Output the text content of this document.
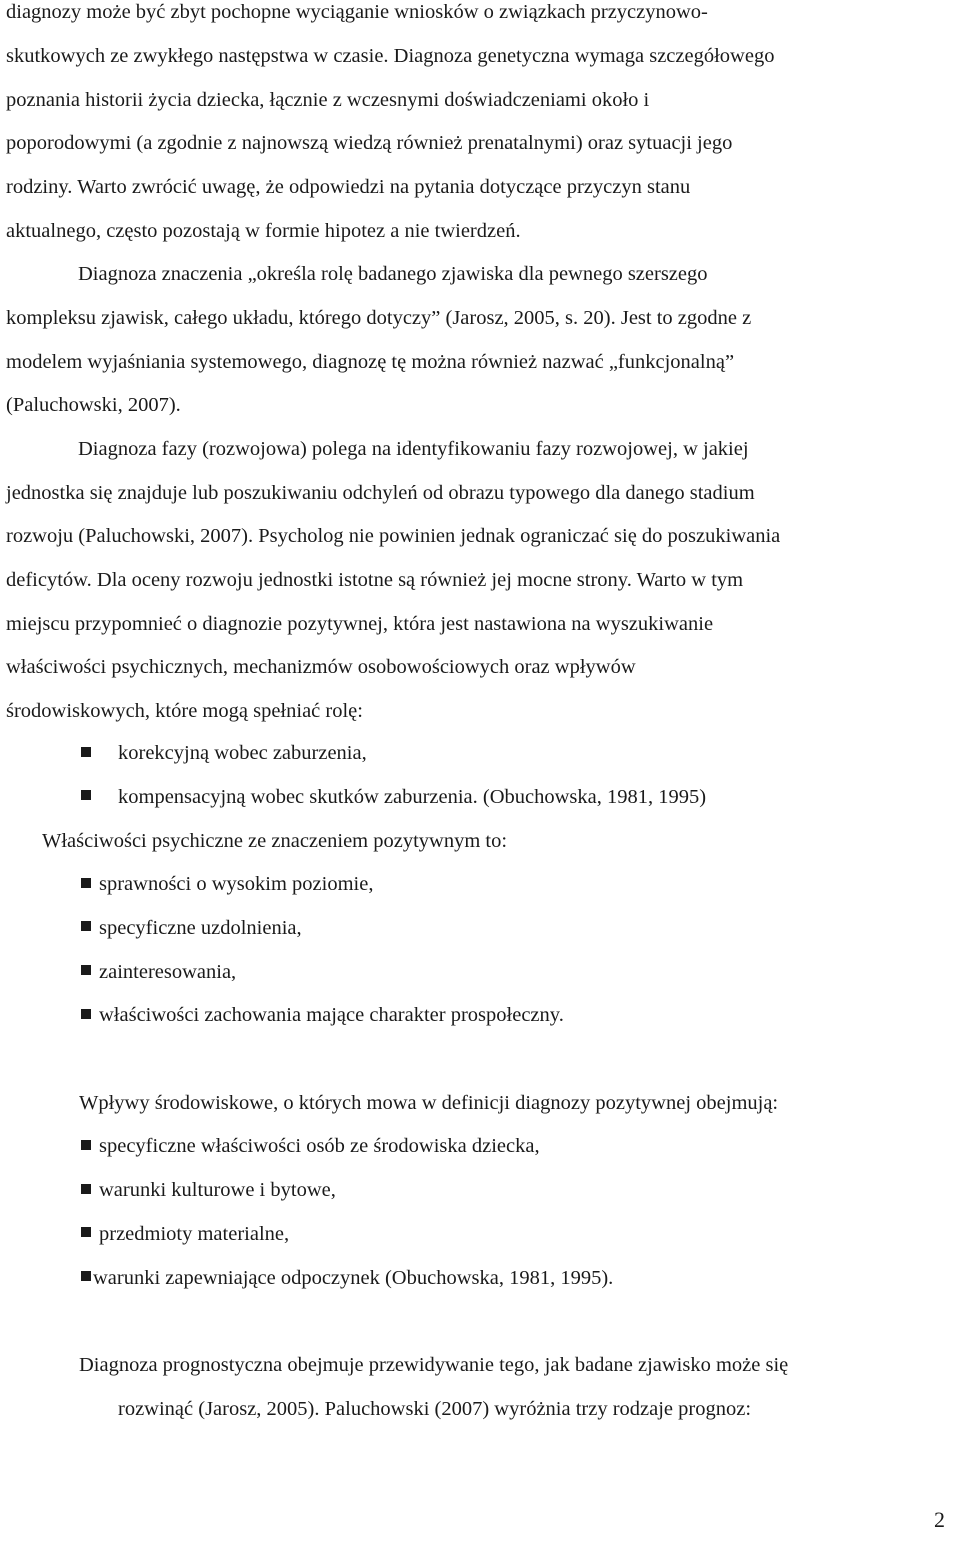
diagnozy może być zbyt pochopne wyciąganie wniosków o związkach przyczynowo-
skutkowych ze zwykłego następstwa w czasie. Diagnoza genetyczna wymaga szczegółowego
poznania historii życia dziecka, łącznie z wczesnymi doświadczeniami około i
poporodowymi (a zgodnie z najnowszą wiedzą również prenatalnymi) oraz sytuacji jego
rodziny. Warto zwrócić uwagę, że odpowiedzi na pytania dotyczące przyczyn stanu
aktualnego, często pozostają w formie hipotez a nie twierdzeń.
Diagnoza znaczenia „określa rolę badanego zjawiska dla pewnego szerszego
kompleksu zjawisk, całego układu, którego dotyczy” (Jarosz, 2005, s. 20). Jest to zgodne z
modelem wyjaśniania systemowego, diagnozę tę można również nazwać „funkcjonalną”
(Paluchowski, 2007).
Diagnoza fazy (rozwojowa) polega na identyfikowaniu fazy rozwojowej, w jakiej
jednostka się znajduje lub poszukiwaniu odchyleń od obrazu typowego dla danego stadium
rozwoju (Paluchowski, 2007). Psycholog nie powinien jednak ograniczać się do poszukiwania
deficytów. Dla oceny rozwoju jednostki istotne są również jej mocne strony. Warto w tym
miejscu przypomnieć o diagnozie pozytywnej, która jest nastawiona na wyszukiwanie
właściwości psychicznych, mechanizmów osobowościowych oraz wpływów
środowiskowych, które mogą spełniać rolę:
korekcyjną wobec zaburzenia,
kompensacyjną wobec skutków zaburzenia. (Obuchowska, 1981, 1995)
Właściwości psychiczne ze znaczeniem pozytywnym to:
sprawności o wysokim poziomie,
specyficzne uzdolnienia,
zainteresowania,
właściwości zachowania mające charakter prospołeczny.
Wpływy środowiskowe, o których mowa w definicji diagnozy pozytywnej obejmują:
specyficzne właściwości osób ze środowiska dziecka,
warunki kulturowe i bytowe,
przedmioty materialne,
warunki zapewniające odpoczynek (Obuchowska, 1981, 1995).
Diagnoza prognostyczna obejmuje przewidywanie tego, jak badane zjawisko może się
rozwinąć (Jarosz, 2005). Paluchowski (2007) wyróżnia trzy rodzaje prognoz:
2
